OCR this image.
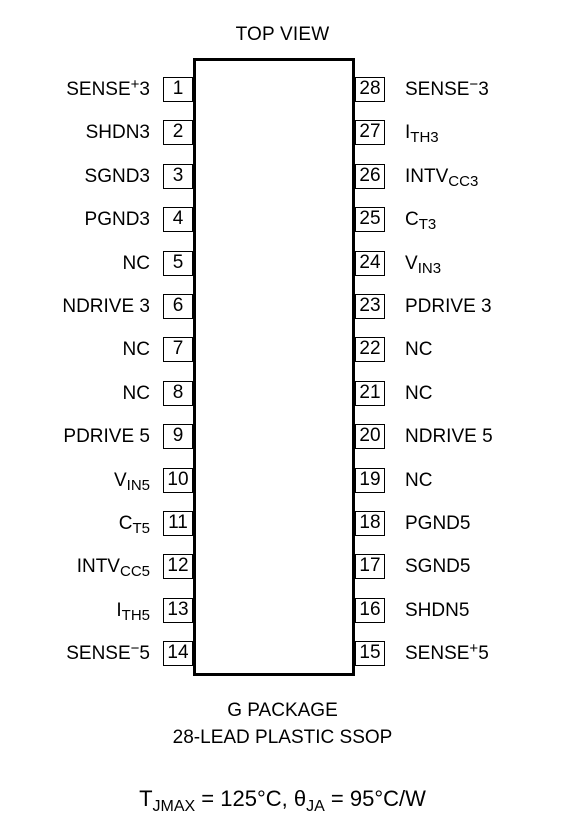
TOP VIEW
1
SENSE+3
2
SHDN3
3
SGND3
4
PGND3
5
NC
6
NDRIVE 3
7
NC
8
NC
9
PDRIVE 5
10
$V_{IN5}$
11
$C_{T5}$
12
$INTV_{CC5}$
13
$I_{TH5}$
14
SENSE−5
28 SENSE−3
27 $I_{TH3}$
26 $INTV_{CC3}$
25 $C_{T3}$
24 $V_{IN3}$
23 PDRIVE 3
22 NC
21 NC
20 NDRIVE 5
19 NC
18 PGND5
17 SGND5
16 SHDN5
15 SENSE+5
G PACKAGE
28-LEAD PLASTIC SSOP
$T_{JMAX} = 125^\circ C$, $\theta_{JA} = 95^\circ C/W$
